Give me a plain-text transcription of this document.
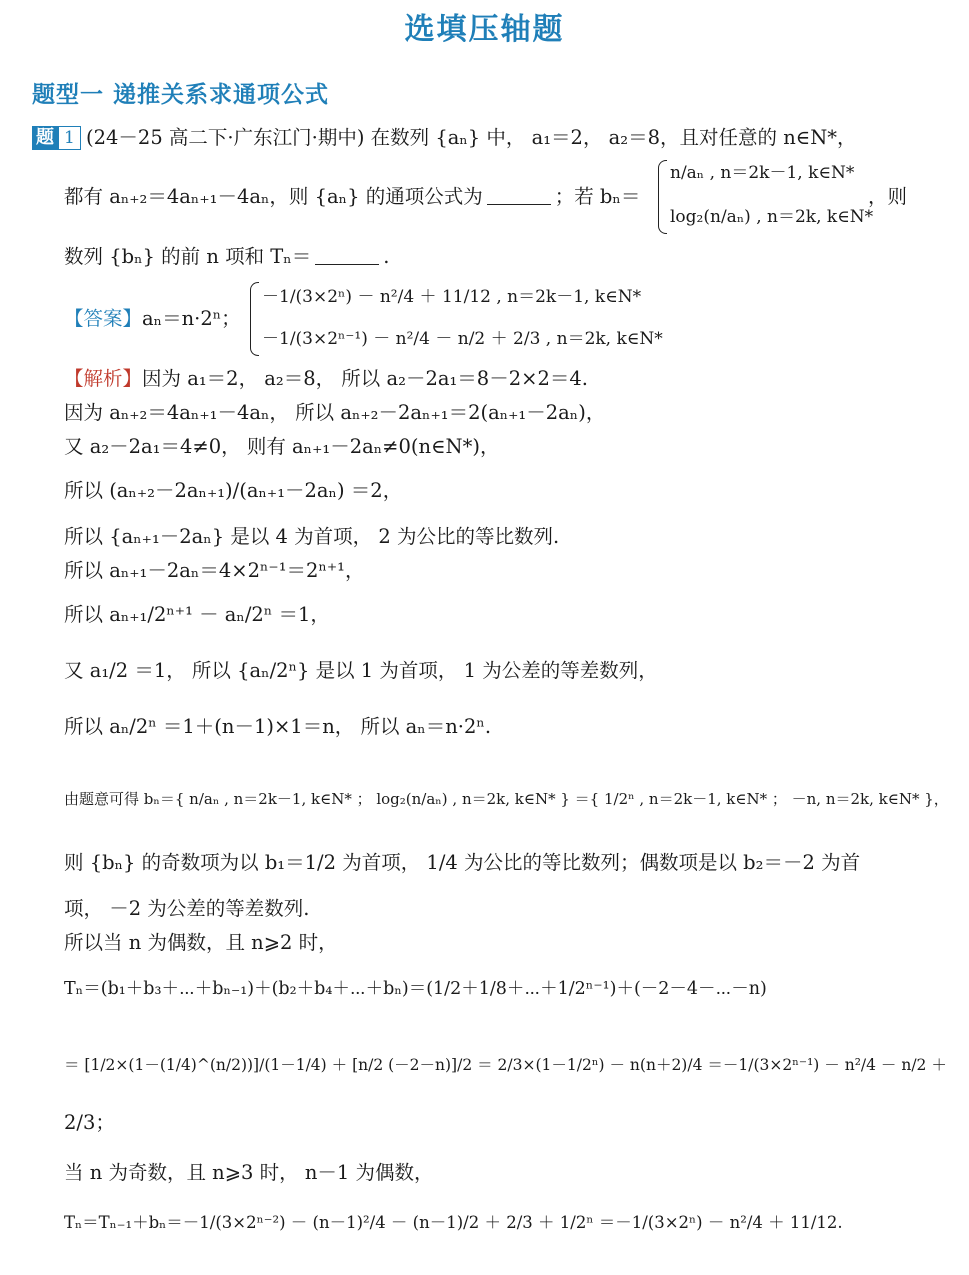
选填压轴题
题型一 递推关系求通项公式
题 1 (24－25 高二下·广东江门·期中) 在数列 {aₙ} 中， a₁＝2， a₂＝8，且对任意的 n∈N*，
都有 aₙ₊₂＝4aₙ₊₁－4aₙ，则 {aₙ} 的通项公式为	；若 bₙ＝
n/aₙ , n＝2k－1, k∈N*
log₂(n/aₙ) , n＝2k, k∈N*
，则
数列 {bₙ} 的前 n 项和 Tₙ＝	.
【答案】aₙ＝n·2ⁿ；
－1/(3×2ⁿ) － n²/4 ＋ 11/12 , n＝2k－1, k∈N*
－1/(3×2ⁿ⁻¹) － n²/4 － n/2 ＋ 2/3 , n＝2k, k∈N*
【解析】因为 a₁＝2， a₂＝8， 所以 a₂－2a₁＝8－2×2＝4.
因为 aₙ₊₂＝4aₙ₊₁－4aₙ， 所以 aₙ₊₂－2aₙ₊₁＝2(aₙ₊₁－2aₙ)，
又 a₂－2a₁＝4≠0， 则有 aₙ₊₁－2aₙ≠0(n∈N*)，
所以 (aₙ₊₂－2aₙ₊₁)/(aₙ₊₁－2aₙ) ＝2，
所以 {aₙ₊₁－2aₙ} 是以 4 为首项， 2 为公比的等比数列.
所以 aₙ₊₁－2aₙ＝4×2ⁿ⁻¹＝2ⁿ⁺¹，
所以 aₙ₊₁/2ⁿ⁺¹ － aₙ/2ⁿ ＝1，
又 a₁/2 ＝1， 所以 {aₙ/2ⁿ} 是以 1 为首项， 1 为公差的等差数列，
所以 aₙ/2ⁿ ＝1＋(n－1)×1＝n， 所以 aₙ＝n·2ⁿ.
由题意可得 bₙ＝{ n/aₙ , n＝2k－1, k∈N* ； log₂(n/aₙ) , n＝2k, k∈N* } ＝{ 1/2ⁿ , n＝2k－1, k∈N* ； －n, n＝2k, k∈N* }，
则 {bₙ} 的奇数项为以 b₁＝1/2 为首项， 1/4 为公比的等比数列；偶数项是以 b₂＝－2 为首
项， －2 为公差的等差数列.
所以当 n 为偶数，且 n⩾2 时，
Tₙ＝(b₁＋b₃＋⋯＋bₙ₋₁)＋(b₂＋b₄＋⋯＋bₙ)＝(1/2＋1/8＋⋯＋1/2ⁿ⁻¹)＋(－2－4－⋯－n)
＝ [1/2×(1－(1/4)^(n/2))]/(1－1/4) ＋ [n/2 (－2－n)]/2 ＝ 2/3×(1－1/2ⁿ) － n(n＋2)/4 ＝－1/(3×2ⁿ⁻¹) － n²/4 － n/2 ＋
2/3；
当 n 为奇数，且 n⩾3 时， n－1 为偶数，
Tₙ＝Tₙ₋₁＋bₙ＝－1/(3×2ⁿ⁻²) － (n－1)²/4 － (n－1)/2 ＋ 2/3 ＋ 1/2ⁿ ＝－1/(3×2ⁿ) － n²/4 ＋ 11/12.
